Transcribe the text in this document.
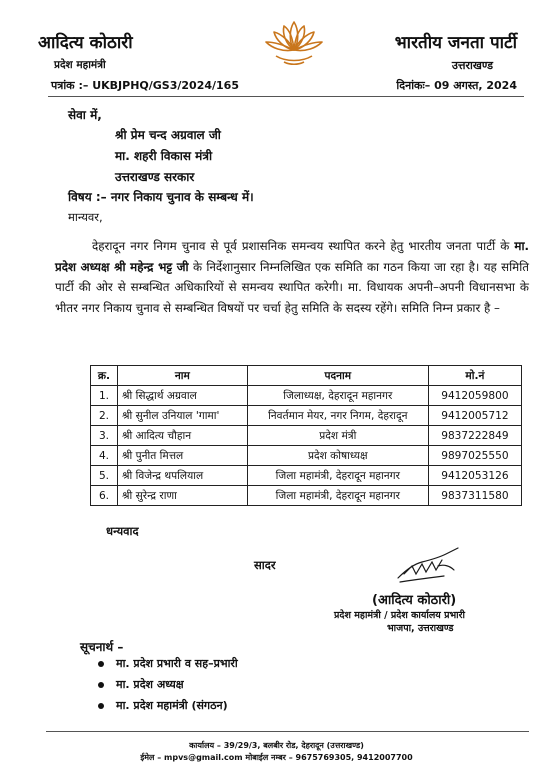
आदित्य कोठारी
प्रदेश महामंत्री
भारतीय जनता पार्टी
उत्तराखण्ड
पत्रांक :– UKBJPHQ/GS3/2024/165	दिनांकः– 09 अगस्त, 2024
सेवा में,
श्री प्रेम चन्द अग्रवाल जी
मा. शहरी विकास मंत्री
उत्तराखण्ड सरकार
विषय :– नगर निकाय चुनाव के सम्बन्ध में।
मान्यवर,
देहरादून नगर निगम चुनाव से पूर्व प्रशासनिक समन्वय स्थापित करने हेतु भारतीय जनता पार्टी के मा. प्रदेश अध्यक्ष श्री महेन्द्र भट्ट जी के निर्देशानुसार निम्नलिखित एक समिति का गठन किया जा रहा है। यह समिति पार्टी की ओर से सम्बन्धित अधिकारियों से समन्वय स्थापित करेगी। मा. विधायक अपनी–अपनी विधानसभा के भीतर नगर निकाय चुनाव से सम्बन्धित विषयों पर चर्चा हेतु समिति के सदस्य रहेंगे। समिति निम्न प्रकार है –
क्र.	नाम	पदनाम	मो.नं
1.	श्री सिद्धार्थ अग्रवाल	जिलाध्यक्ष, देहरादून महानगर	9412059800
2.	श्री सुनील उनियाल 'गामा'	निवर्तमान मेयर, नगर निगम, देहरादून	9412005712
3.	श्री आदित्य चौहान	प्रदेश मंत्री	9837222849
4.	श्री पुनीत मित्तल	प्रदेश कोषाध्यक्ष	9897025550
5.	श्री विजेन्द्र थपलियाल	जिला महामंत्री, देहरादून महानगर	9412053126
6.	श्री सुरेन्द्र राणा	जिला महामंत्री, देहरादून महानगर	9837311580
धन्यवाद
सादर
(आदित्य कोठारी)
प्रदेश महामंत्री / प्रदेश कार्यालय प्रभारी
भाजपा, उत्तराखण्ड
सूचनार्थ –
मा. प्रदेश प्रभारी व सह–प्रभारी
मा. प्रदेश अध्यक्ष
मा. प्रदेश महामंत्री (संगठन)
कार्यालय – 39/29/3, बलबीर रोड, देहरादून (उत्तराखण्ड)
ईमेल – mpvs@gmail.com मोबाईल नम्बर – 9675769305, 9412007700
